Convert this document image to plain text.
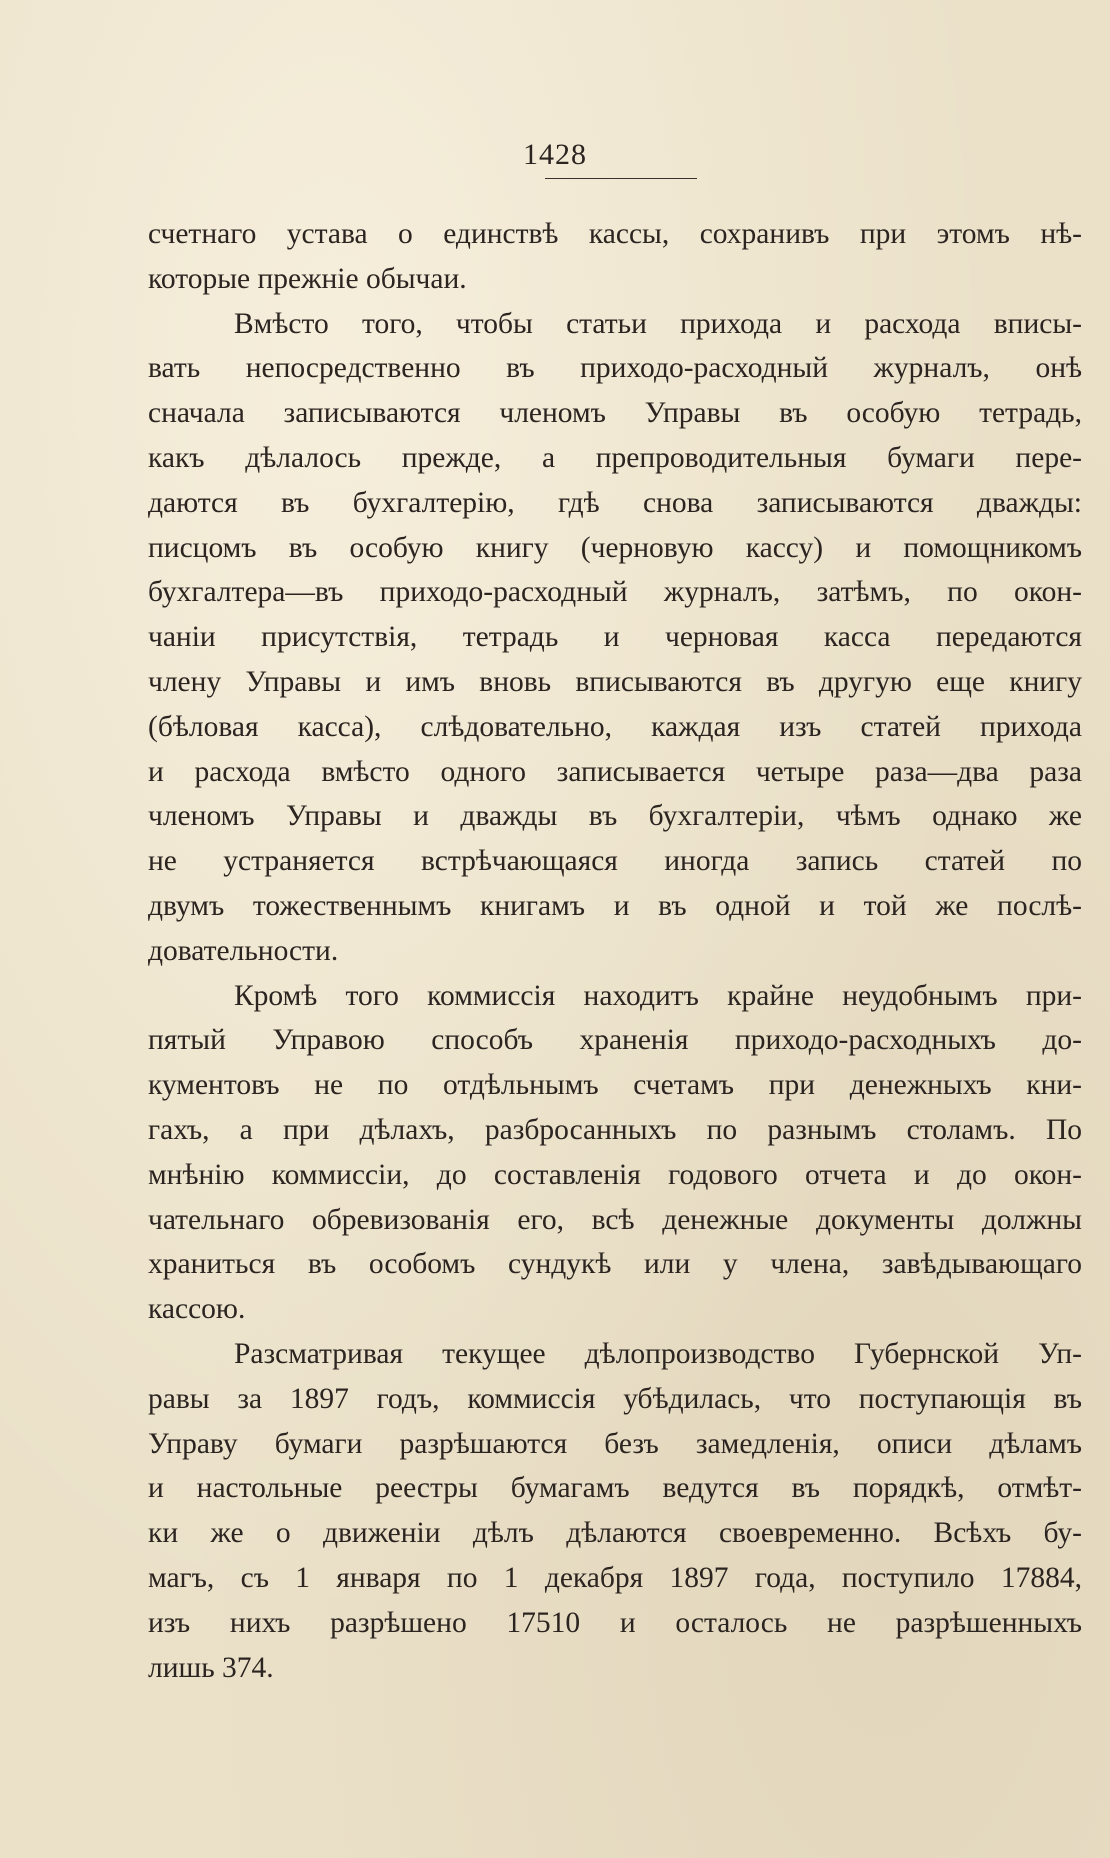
1428
счетнаго устава о единствѣ кассы, сохранивъ при этомъ нѣ-
которые прежніе обычаи.
Вмѣсто того, чтобы статьи прихода и расхода вписы-
вать непосредственно въ приходо-расходный журналъ, онѣ
сначала записываются членомъ Управы въ особую тетрадь,
какъ дѣлалось прежде, а препроводительныя бумаги пере-
даются въ бухгалтерію, гдѣ снова записываются дважды:
писцомъ въ особую книгу (черновую кассу) и помощникомъ
бухгалтера—въ приходо-расходный журналъ, затѣмъ, по окон-
чаніи присутствія, тетрадь и черновая касса передаются
члену Управы и имъ вновь вписываются въ другую еще книгу
(бѣловая касса), слѣдовательно, каждая изъ статей прихода
и расхода вмѣсто одного записывается четыре раза—два раза
членомъ Управы и дважды въ бухгалтеріи, чѣмъ однако же
не устраняется встрѣчающаяся иногда запись статей по
двумъ тожественнымъ книгамъ и въ одной и той же послѣ-
довательности.
Кромѣ того коммиссія находитъ крайне неудобнымъ при-
пятый Управою способъ храненія приходо-расходныхъ до-
кументовъ не по отдѣльнымъ счетамъ при денежныхъ кни-
гахъ, а при дѣлахъ, разбросанныхъ по разнымъ столамъ. По
мнѣнію коммиссіи, до составленія годового отчета и до окон-
чательнаго обревизованія его, всѣ денежные документы должны
храниться въ особомъ сундукѣ или у члена, завѣдывающаго
кассою.
Разсматривая текущее дѣлопроизводство Губернской Уп-
равы за 1897 годъ, коммиссія убѣдилась, что поступающія въ
Управу бумаги разрѣшаются безъ замедленія, описи дѣламъ
и настольные реестры бумагамъ ведутся въ порядкѣ, отмѣт-
ки же о движеніи дѣлъ дѣлаются своевременно. Всѣхъ бу-
магъ, съ 1 января по 1 декабря 1897 года, поступило 17884,
изъ нихъ разрѣшено 17510 и осталось не разрѣшенныхъ
лишь 374.
